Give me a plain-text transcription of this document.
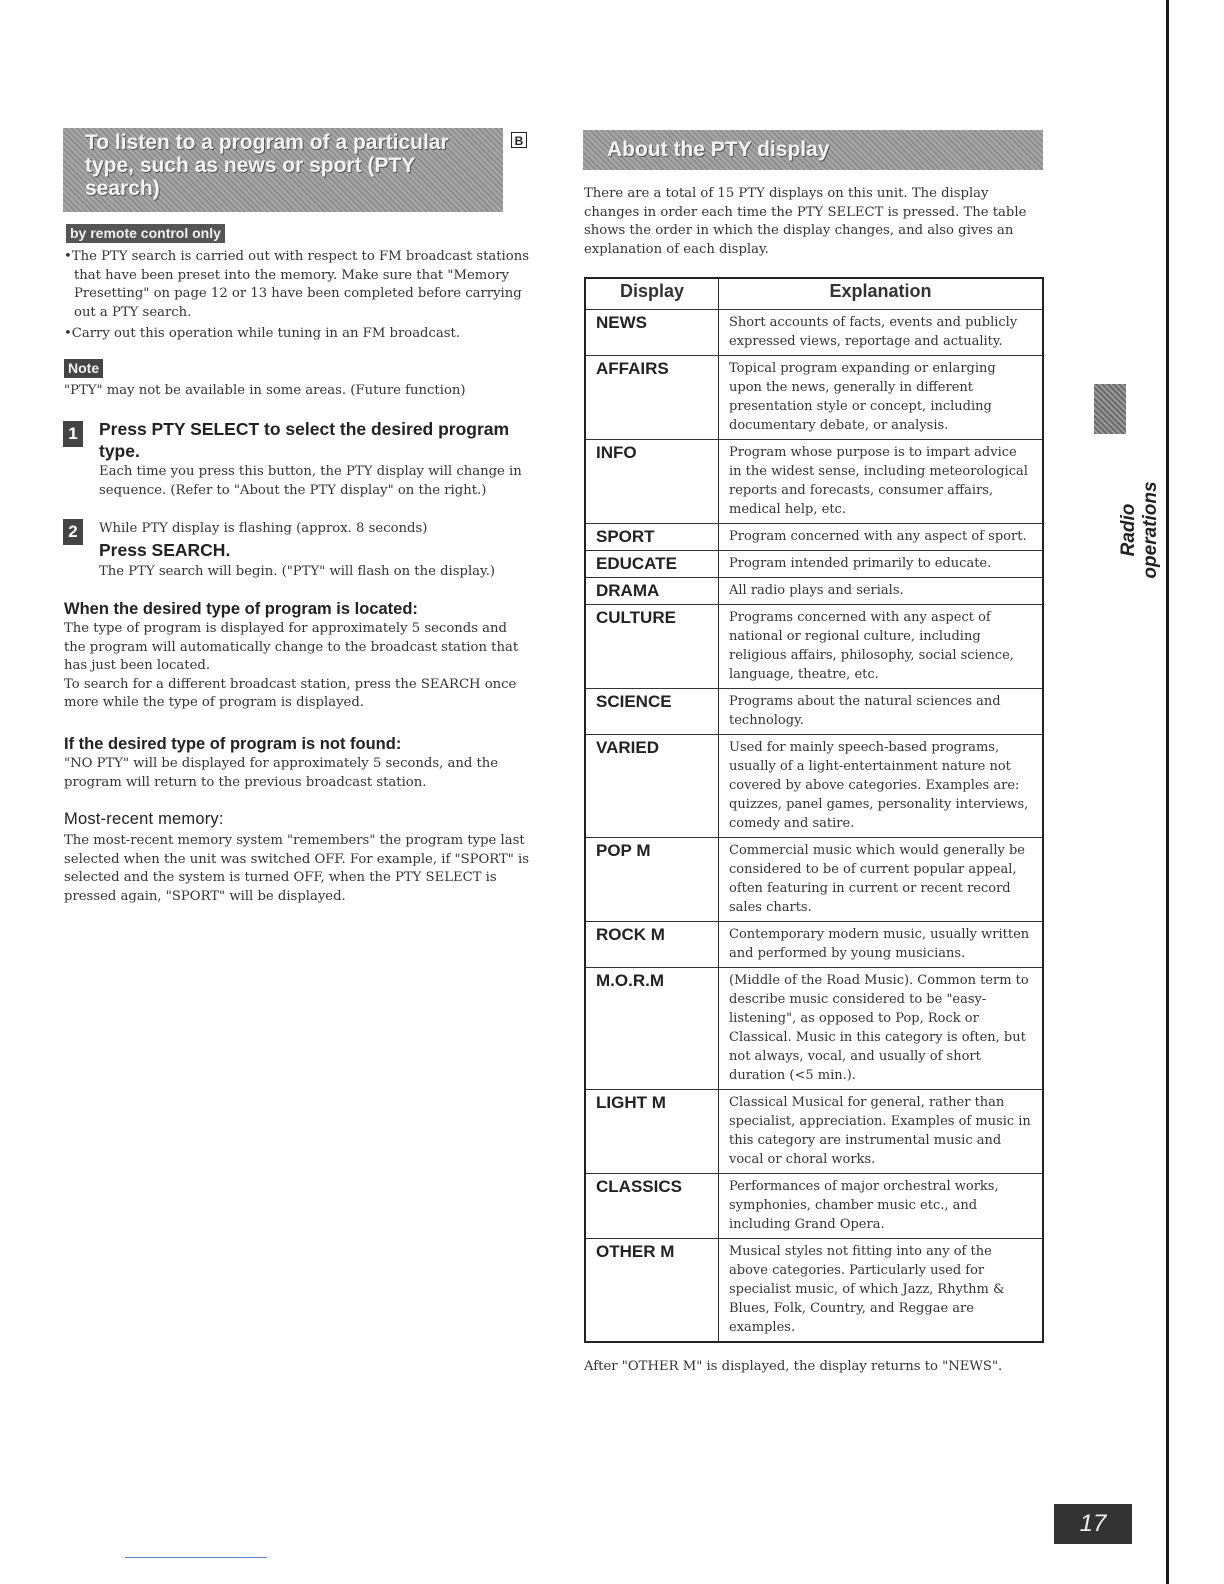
To listen to a program of a particular type, such as news or sport (PTY search)
B
by remote control only
•The PTY search is carried out with respect to FM broadcast stations that have been preset into the memory. Make sure that "Memory Presetting" on page 12 or 13 have been completed before carrying out a PTY search.
•Carry out this operation while tuning in an FM broadcast.
Note
"PTY" may not be available in some areas. (Future function)
1	Press PTY SELECT to select the desired program type.
Each time you press this button, the PTY display will change in sequence. (Refer to "About the PTY display" on the right.)
2	While PTY display is flashing (approx. 8 seconds)
Press SEARCH.
The PTY search will begin. ("PTY" will flash on the display.)
When the desired type of program is located:
The type of program is displayed for approximately 5 seconds and the program will automatically change to the broadcast station that has just been located.
To search for a different broadcast station, press the SEARCH once more while the type of program is displayed.
If the desired type of program is not found:
"NO PTY" will be displayed for approximately 5 seconds, and the program will return to the previous broadcast station.
Most-recent memory:
The most-recent memory system "remembers" the program type last selected when the unit was switched OFF. For example, if "SPORT" is selected and the system is turned OFF, when the PTY SELECT is pressed again, "SPORT" will be displayed.
About the PTY display
There are a total of 15 PTY displays on this unit. The display changes in order each time the PTY SELECT is pressed. The table shows the order in which the display changes, and also gives an explanation of each display.
Display	Explanation
NEWS	Short accounts of facts, events and publicly expressed views, reportage and actuality.
AFFAIRS	Topical program expanding or enlarging upon the news, generally in different presentation style or concept, including documentary debate, or analysis.
INFO	Program whose purpose is to impart advice in the widest sense, including meteorological reports and forecasts, consumer affairs, medical help, etc.
SPORT	Program concerned with any aspect of sport.
EDUCATE	Program intended primarily to educate.
DRAMA	All radio plays and serials.
CULTURE	Programs concerned with any aspect of national or regional culture, including religious affairs, philosophy, social science, language, theatre, etc.
SCIENCE	Programs about the natural sciences and technology.
VARIED	Used for mainly speech-based programs, usually of a light-entertainment nature not covered by above categories. Examples are: quizzes, panel games, personality interviews, comedy and satire.
POP M	Commercial music which would generally be considered to be of current popular appeal, often featuring in current or recent record sales charts.
ROCK M	Contemporary modern music, usually written and performed by young musicians.
M.O.R.M	(Middle of the Road Music). Common term to describe music considered to be "easy-listening", as opposed to Pop, Rock or Classical. Music in this category is often, but not always, vocal, and usually of short duration (<5 min.).
LIGHT M	Classical Musical for general, rather than specialist, appreciation. Examples of music in this category are instrumental music and vocal or choral works.
CLASSICS	Performances of major orchestral works, symphonies, chamber music etc., and including Grand Opera.
OTHER M	Musical styles not fitting into any of the above categories. Particularly used for specialist music, of which Jazz, Rhythm & Blues, Folk, Country, and Reggae are examples.
After "OTHER M" is displayed, the display returns to "NEWS".
Radio operations
17
